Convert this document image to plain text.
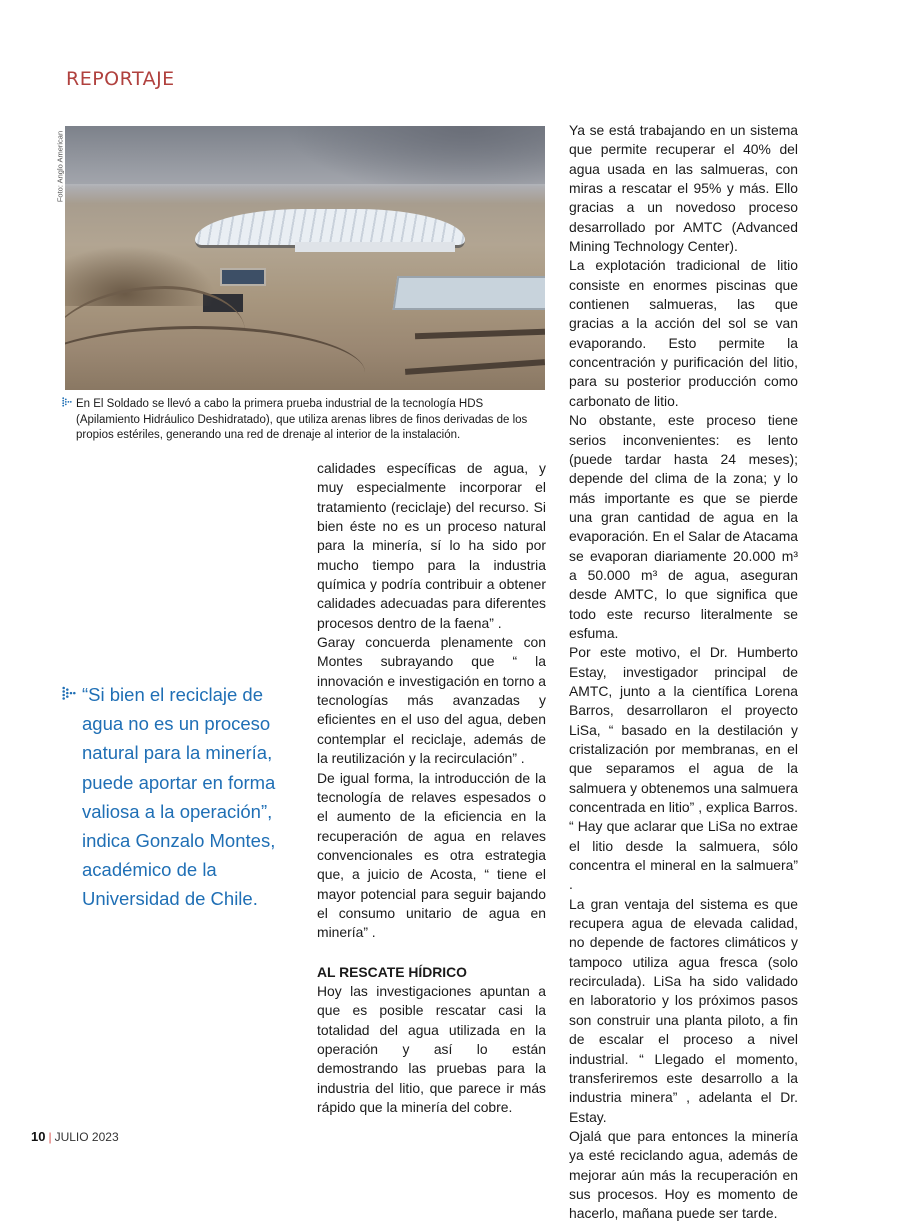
REPORTAJE
Foto: Anglo American
En El Soldado se llevó a cabo la primera prueba industrial de la tecnología HDS (Apilamiento Hidráulico Deshidratado), que utiliza arenas libres de finos derivadas de los propios estériles, generando una red de drenaje al interior de la instalación.
“Si bien el reciclaje de agua no es un proceso natural para la minería, puede aportar en forma valiosa a la operación”, indica Gonzalo Montes, académico de la Universidad de Chile.

calidades específicas de agua, y muy especialmente incorporar el tratamiento (reciclaje) del recurso. Si bien éste no es un proceso natural para la minería, sí lo ha sido por mucho tiempo para la industria química y podría contribuir a obtener calidades adecuadas para diferentes procesos dentro de la faena” .

Garay concuerda plenamente con Montes subrayando que “ la innovación e investigación en torno a tecnologías más avanzadas y eficientes en el uso del agua, deben contemplar el reciclaje, además de la reutilización y la recirculación” .

De igual forma, la introducción de la tecnología de relaves espesados o el aumento de la eficiencia en la recuperación de agua en relaves convencionales es otra estrategia que, a juicio de Acosta, “ tiene el mayor potencial para seguir bajando el consumo unitario de agua en minería” .

AL RESCATE HÍDRICO

Hoy las investigaciones apuntan a que es posible rescatar casi la totalidad del agua utilizada en la operación y así lo están demostrando las pruebas para la industria del litio, que parece ir más rápido que la minería del cobre.

Ya se está trabajando en un sistema que permite recuperar el 40% del agua usada en las salmueras, con miras a rescatar el 95% y más. Ello gracias a un novedoso proceso desarrollado por AMTC (Advanced Mining Technology Center).

La explotación tradicional de litio consiste en enormes piscinas que contienen salmueras, las que gracias a la acción del sol se van evaporando. Esto permite la concentración y purificación del litio, para su posterior producción como carbonato de litio.

No obstante, este proceso tiene serios inconvenientes: es lento (puede tardar hasta 24 meses); depende del clima de la zona; y lo más importante es que se pierde una gran cantidad de agua en la evaporación. En el Salar de Atacama se evaporan diariamente 20.000 m³ a 50.000 m³ de agua, aseguran desde AMTC, lo que significa que todo este recurso literalmente se esfuma.

Por este motivo, el Dr. Humberto Estay, investigador principal de AMTC, junto a la científica Lorena Barros, desarrollaron el proyecto LiSa, “ basado en la destilación y cristalización por membranas, en el que separamos el agua de la salmuera y obtenemos una salmuera concentrada en litio” , explica Barros. “ Hay que aclarar que LiSa no extrae el litio desde la salmuera, sólo concentra el mineral en la salmuera” .

La gran ventaja del sistema es que recupera agua de elevada calidad, no depende de factores climáticos y tampoco utiliza agua fresca (solo recirculada). LiSa ha sido validado en laboratorio y los próximos pasos son construir una planta piloto, a fin de escalar el proceso a nivel industrial. “ Llegado el momento, transferiremos este desarrollo a la industria minera” , adelanta el Dr. Estay.

Ojalá que para entonces la minería ya esté reciclando agua, además de mejorar aún más la recuperación en sus procesos. Hoy es momento de hacerlo, mañana puede ser tarde.

10 | JULIO 2023
